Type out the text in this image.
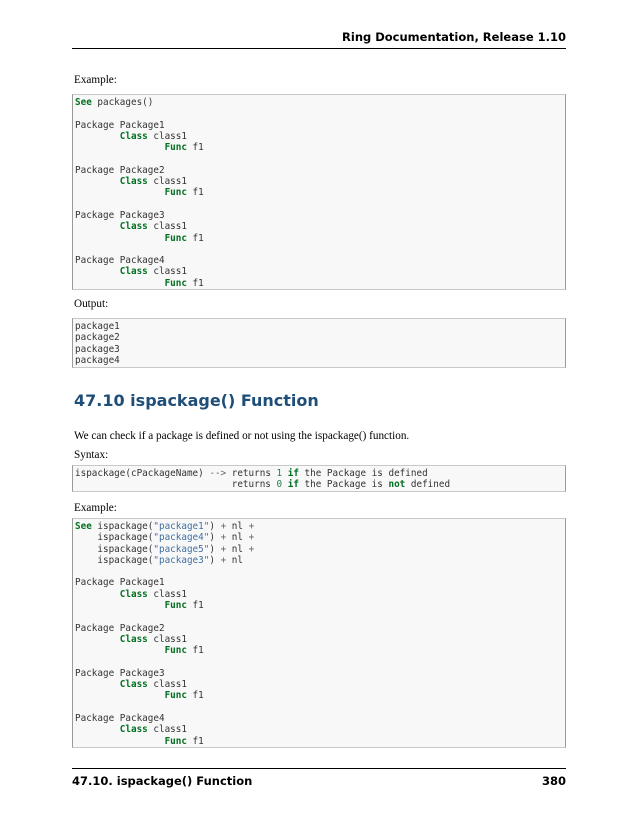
Ring Documentation, Release 1.10
Example:
See packages()
Package Package1
Class class1
Func f1
Package Package2
Class class1
Func f1
Package Package3
Class class1
Func f1
Package Package4
Class class1
Func f1
Output:
package1
package2
package3
package4
47.10 ispackage() Function
We can check if a package is defined or not using the ispackage() function.
Syntax:
ispackage(cPackageName) --> returns 1 if the Package is defined
returns 0 if the Package is not defined
Example:
See ispackage("package1") + nl +
ispackage("package4") + nl +
ispackage("package5") + nl +
ispackage("package3") + nl
Package Package1
Class class1
Func f1
Package Package2
Class class1
Func f1
Package Package3
Class class1
Func f1
Package Package4
Class class1
Func f1
47.10. ispackage() Function	380
